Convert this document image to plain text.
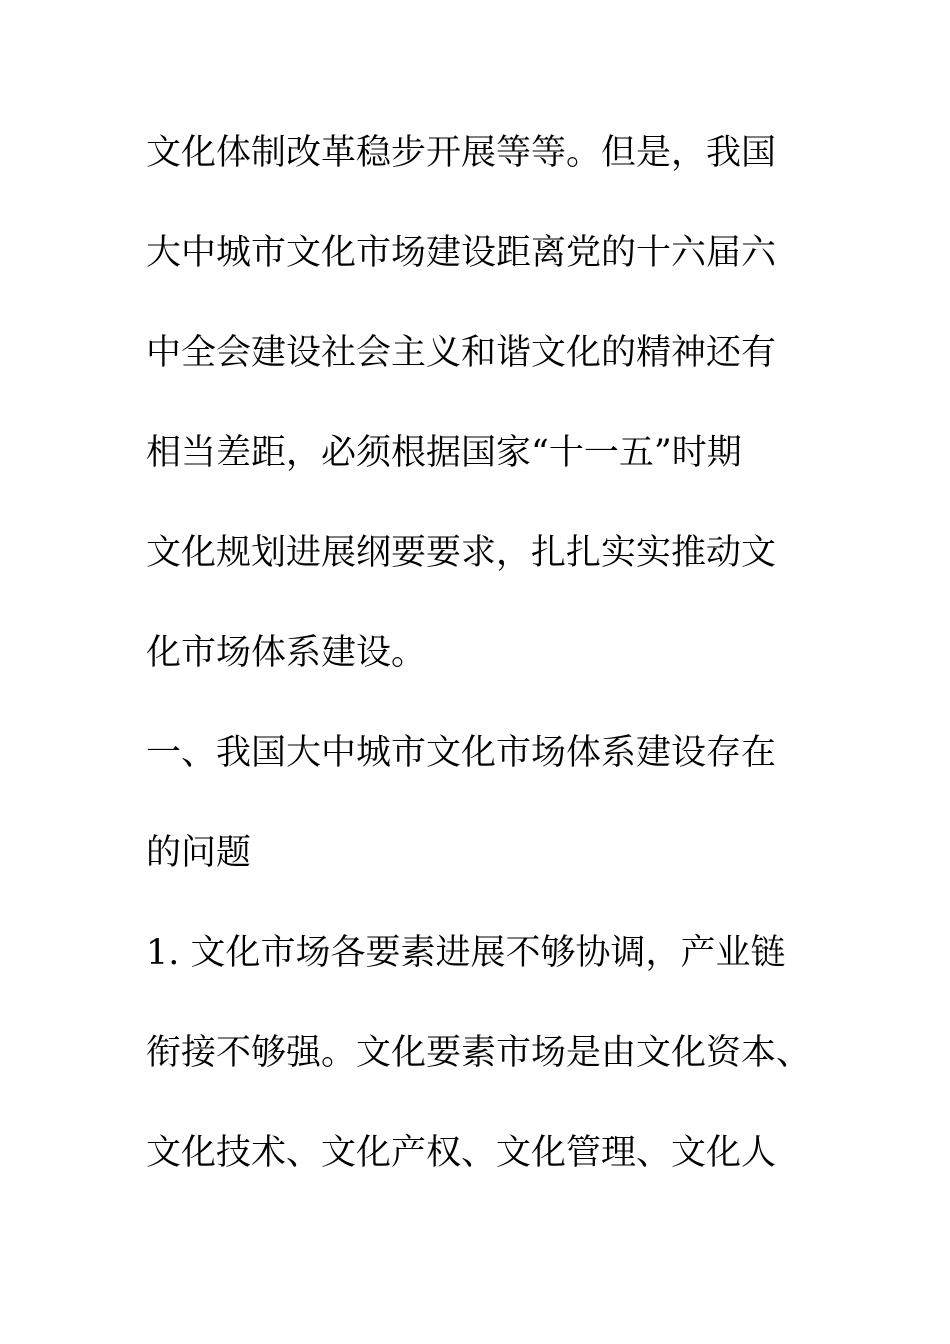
文化体制改革稳步开展等等。但是，我国
大中城市文化市场建设距离党的十六届六
中全会建设社会主义和谐文化的精神还有
相当差距，必须根据国家“十一五”时期
文化规划进展纲要要求，扎扎实实推动文
化市场体系建设。
一、我国大中城市文化市场体系建设存在
的问题
1. 文化市场各要素进展不够协调，产业链
衔接不够强。文化要素市场是由文化资本、
文化技术、文化产权、文化管理、文化人
